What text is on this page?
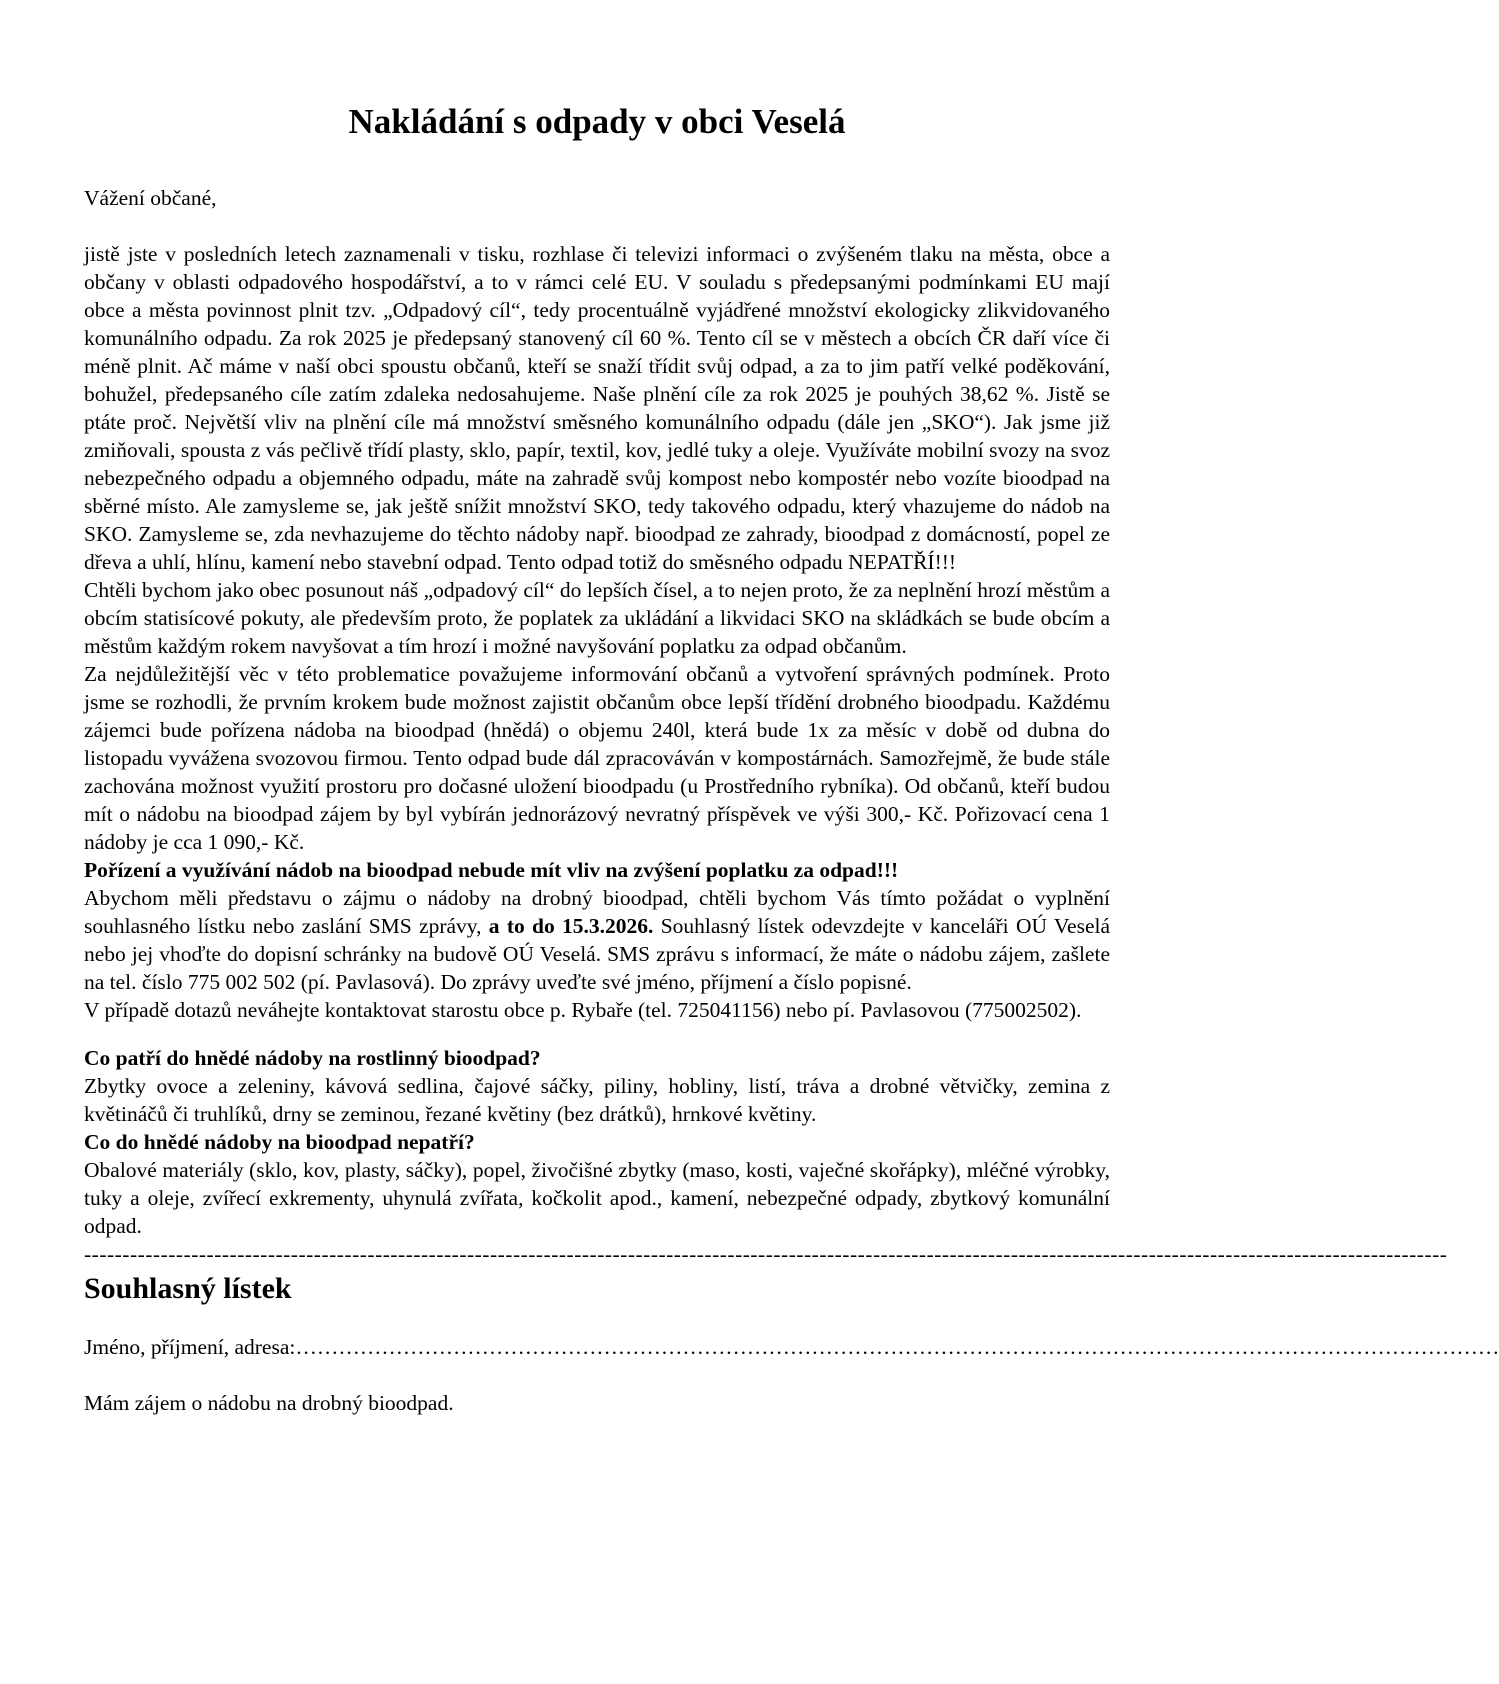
Nakládání s odpady v obci Veselá

Vážení občané,

jistě jste v posledních letech zaznamenali v tisku, rozhlase či televizi informaci o zvýšeném tlaku na města, obce a občany v oblasti odpadového hospodářství, a to v rámci celé EU. V souladu s předepsanými podmínkami EU mají obce a města povinnost plnit tzv. „Odpadový cíl“, tedy procentuálně vyjádřené množství ekologicky zlikvidovaného komunálního odpadu. Za rok 2025 je předepsaný stanovený cíl 60 %. Tento cíl se v městech a obcích ČR daří více či méně plnit. Ač máme v naší obci spoustu občanů, kteří se snaží třídit svůj odpad, a za to jim patří velké poděkování, bohužel, předepsaného cíle zatím zdaleka nedosahujeme. Naše plnění cíle za rok 2025 je pouhých 38,62 %. Jistě se ptáte proč. Největší vliv na plnění cíle má množství směsného komunálního odpadu (dále jen „SKO“). Jak jsme již zmiňovali, spousta z vás pečlivě třídí plasty, sklo, papír, textil, kov, jedlé tuky a oleje. Využíváte mobilní svozy na svoz nebezpečného odpadu a objemného odpadu, máte na zahradě svůj kompost nebo kompostér nebo vozíte bioodpad na sběrné místo. Ale zamysleme se, jak ještě snížit množství SKO, tedy takového odpadu, který vhazujeme do nádob na SKO. Zamysleme se, zda nevhazujeme do těchto nádoby např. bioodpad ze zahrady, bioodpad z domácností, popel ze dřeva a uhlí, hlínu, kamení nebo stavební odpad. Tento odpad totiž do směsného odpadu NEPATŘÍ!!!

Chtěli bychom jako obec posunout náš „odpadový cíl“ do lepších čísel, a to nejen proto, že za neplnění hrozí městům a obcím statisícové pokuty, ale především proto, že poplatek za ukládání a likvidaci SKO na skládkách se bude obcím a městům každým rokem navyšovat a tím hrozí i možné navyšování poplatku za odpad občanům.

Za nejdůležitější věc v této problematice považujeme informování občanů a vytvoření správných podmínek. Proto jsme se rozhodli, že prvním krokem bude možnost zajistit občanům obce lepší třídění drobného bioodpadu. Každému zájemci bude pořízena nádoba na bioodpad (hnědá) o objemu 240l, která bude 1x za měsíc v době od dubna do listopadu vyvážena svozovou firmou. Tento odpad bude dál zpracováván v kompostárnách. Samozřejmě, že bude stále zachována možnost využití prostoru pro dočasné uložení bioodpadu (u Prostředního rybníka). Od občanů, kteří budou mít o nádobu na bioodpad zájem by byl vybírán jednorázový nevratný příspěvek ve výši 300,- Kč. Pořizovací cena 1 nádoby je cca 1 090,- Kč.

Pořízení a využívání nádob na bioodpad nebude mít vliv na zvýšení poplatku za odpad!!!

Abychom měli představu o zájmu o nádoby na drobný bioodpad, chtěli bychom Vás tímto požádat o vyplnění souhlasného lístku nebo zaslání SMS zprávy, a to do 15.3.2026. Souhlasný lístek odevzdejte v kanceláři OÚ Veselá nebo jej vhoďte do dopisní schránky na budově OÚ Veselá. SMS zprávu s informací, že máte o nádobu zájem, zašlete na tel. číslo 775 002 502 (pí. Pavlasová). Do zprávy uveďte své jméno, příjmení a číslo popisné.

V případě dotazů neváhejte kontaktovat starostu obce p. Rybaře (tel. 725041156) nebo pí. Pavlasovou (775002502).

Co patří do hnědé nádoby na rostlinný bioodpad?

Zbytky ovoce a zeleniny, kávová sedlina, čajové sáčky, piliny, hobliny, listí, tráva a drobné větvičky, zemina z květináčů či truhlíků, drny se zeminou, řezané květiny (bez drátků), hrnkové květiny.

Co do hnědé nádoby na bioodpad nepatří?

Obalové materiály (sklo, kov, plasty, sáčky), popel, živočišné zbytky (maso, kosti, vaječné skořápky), mléčné výrobky, tuky a oleje, zvířecí exkrementy, uhynulá zvířata, kočkolit apod., kamení, nebezpečné odpady, zbytkový komunální odpad.

----------------------------------------------------------------------------------------------------------------------------------------------------------------------------------
Souhlasný lístek

Jméno, příjmení, adresa:……………………………………………………………………………………………………………………………………………………

Mám zájem o nádobu na drobný bioodpad.
